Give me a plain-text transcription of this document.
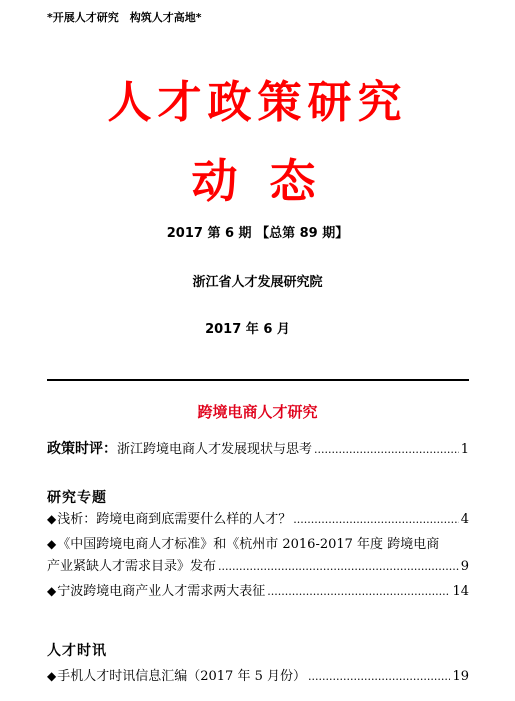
*开展人才研究　构筑人才高地*
人才政策研究
动态
2017 第 6 期 【总第 89 期】
浙江省人才发展研究院
2017 年 6 月
跨境电商人才研究
政策时评： 浙江跨境电商人才发展现状与思考 .....	1
研究专题
◆ 浅析：跨境电商到底需要什么样的人才？ .....	4
◆《中国跨境电商人才标准》和《杭州市 2016-2017 年度 跨境电商
产业紧缺人才需求目录》发布 .....	9
◆ 宁波跨境电商产业人才需求两大表征 .....	14
人才时讯
◆ 手机人才时讯信息汇编（2017 年 5 月份） .....	19
